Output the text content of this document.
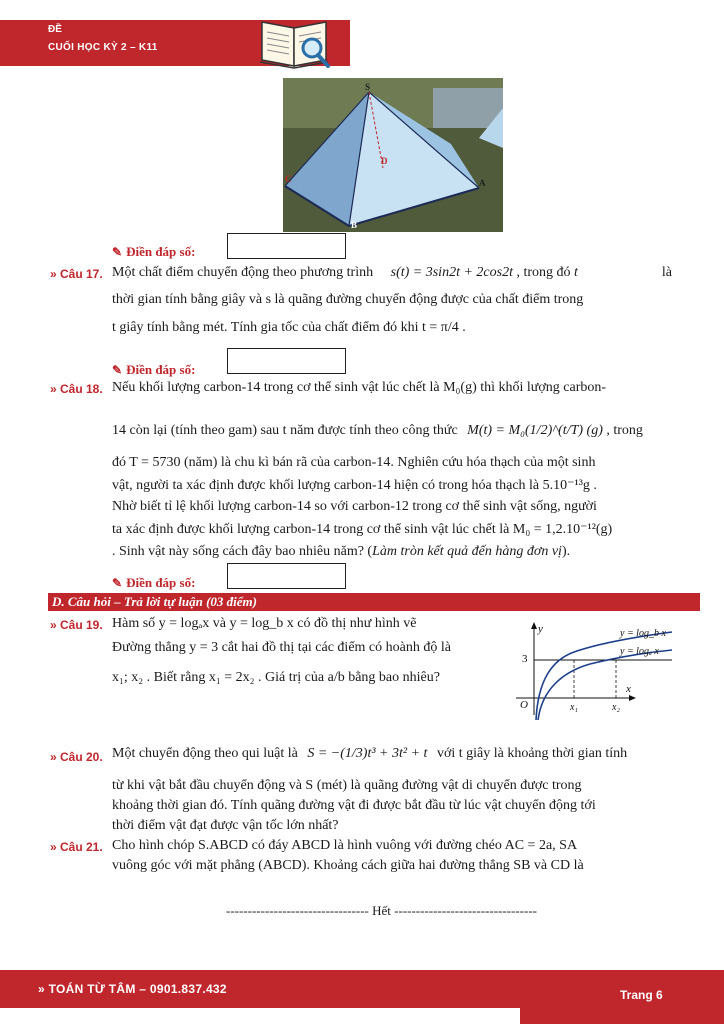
ĐỀ
CUỐI HỌC KỲ 2 – K11
S
D
C	A
B
✎ Điền đáp số:
» Câu 17. Một chất điểm chuyển động theo phương trình s(t) = 3sin2t + 2cos2t , trong đó t	là
thời gian tính bằng giây và s là quãng đường chuyển động được của chất điểm trong
t giây tính bằng mét. Tính gia tốc của chất điểm đó khi t = π/4 .
✎ Điền đáp số:
» Câu 18. Nếu khối lượng carbon-14 trong cơ thể sinh vật lúc chết là M₀(g) thì khối lượng carbon-
14 còn lại (tính theo gam) sau t năm được tính theo công thức M(t) = M₀(1/2)^(t/T) (g) , trong
đó T = 5730 (năm) là chu kì bán rã của carbon-14. Nghiên cứu hóa thạch của một sinh
vật, người ta xác định được khối lượng carbon-14 hiện có trong hóa thạch là 5.10⁻¹³g .
Nhờ biết tỉ lệ khối lượng carbon-14 so với carbon-12 trong cơ thể sinh vật sống, người
ta xác định được khối lượng carbon-14 trong cơ thể sinh vật lúc chết là M₀ = 1,2.10⁻¹²(g)
. Sinh vật này sống cách đây bao nhiêu năm? (Làm tròn kết quả đến hàng đơn vị).
✎ Điền đáp số:
D. Câu hỏi – Trả lời tự luận (03 điểm)
» Câu 19. Hàm số y = logₐx và y = log_b x có đồ thị như hình vẽ
Đường thẳng y = 3 cắt hai đồ thị tại các điểm có hoành độ là
x₁; x₂ . Biết rằng x₁ = 2x₂ . Giá trị của a/b bằng bao nhiêu?
y
x
O
3
x₁	x₂
y = log_b x
y = logₐ x
» Câu 20. Một chuyển động theo qui luật là S = −(1/3)t³ + 3t² + t với t giây là khoảng thời gian tính
từ khi vật bắt đầu chuyển động và S (mét) là quãng đường vật di chuyển được trong
khoảng thời gian đó. Tính quãng đường vật đi được bắt đầu từ lúc vật chuyển động tới
thời điểm vật đạt được vận tốc lớn nhất?
» Câu 21. Cho hình chóp S.ABCD có đáy ABCD là hình vuông với đường chéo AC = 2a, SA
vuông góc với mặt phẳng (ABCD). Khoảng cách giữa hai đường thẳng SB và CD là
--------------------------------- Hết ---------------------------------
» TOÁN TỪ TÂM – 0901.837.432	Trang 6
